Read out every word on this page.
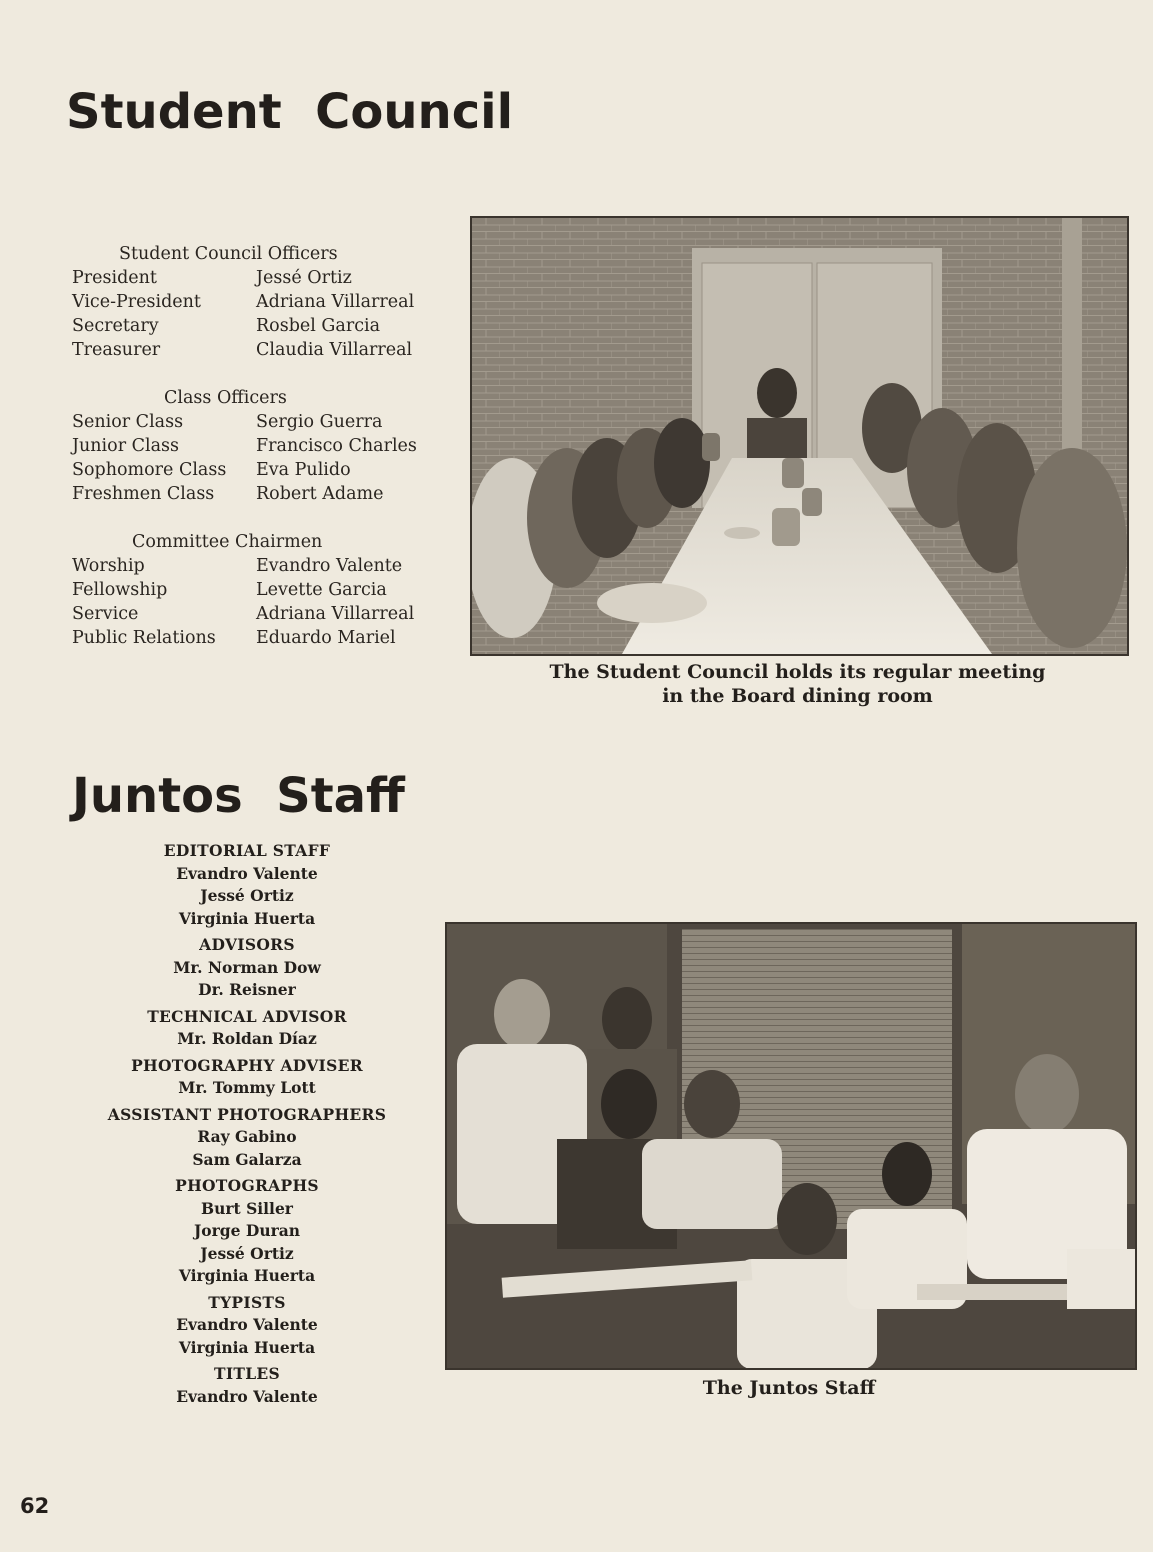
Student  Council
Student Council Officers
President	Jessé Ortiz
Vice-President	Adriana Villarreal
Secretary	Rosbel Garcia
Treasurer	Claudia Villarreal
Class Officers
Senior Class	Sergio Guerra
Junior Class	Francisco Charles
Sophomore Class Eva Pulido
Freshmen Class Robert Adame
Committee Chairmen
Worship	Evandro Valente
Fellowship	Levette Garcia
Service	Adriana Villarreal
Public Relations Eduardo Mariel
The Student Council holds its regular meeting
in the Board dining room
Juntos  Staff
EDITORIAL STAFF
Evandro Valente
Jessé Ortiz
Virginia Huerta
ADVISORS
Mr. Norman Dow
Dr. Reisner
TECHNICAL ADVISOR
Mr. Roldan Díaz
PHOTOGRAPHY ADVISER
Mr. Tommy Lott
ASSISTANT PHOTOGRAPHERS
Ray Gabino
Sam Galarza
PHOTOGRAPHS
Burt Siller
Jorge Duran
Jessé Ortiz
Virginia Huerta
TYPISTS
Evandro Valente
Virginia Huerta
TITLES
Evandro Valente	The Juntos Staff
62
